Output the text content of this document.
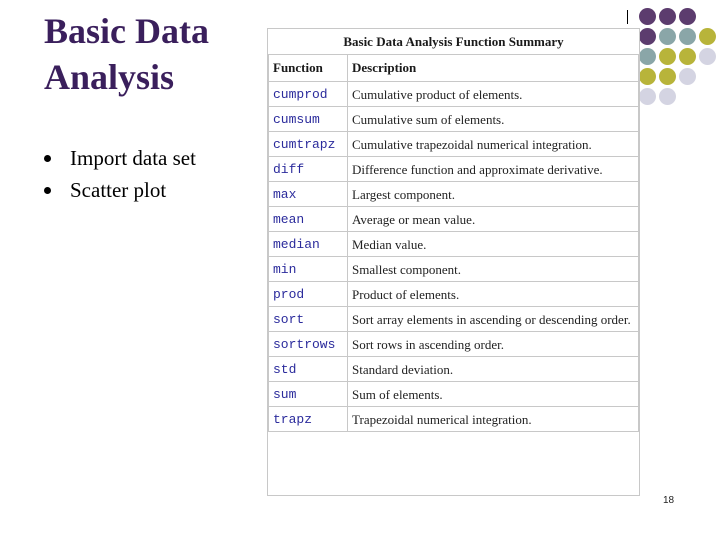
Basic Data
Analysis
Import data set
Scatter plot
Basic Data Analysis Function Summary
Function	Description
cumprod	Cumulative product of elements.
cumsum	Cumulative sum of elements.
cumtrapz	Cumulative trapezoidal numerical integration.
diff	Difference function and approximate derivative.
max	Largest component.
mean	Average or mean value.
median	Median value.
min	Smallest component.
prod	Product of elements.
sort	Sort array elements in ascending or descending order.
sortrows	Sort rows in ascending order.
std	Standard deviation.
sum	Sum of elements.
trapz	Trapezoidal numerical integration.
18
